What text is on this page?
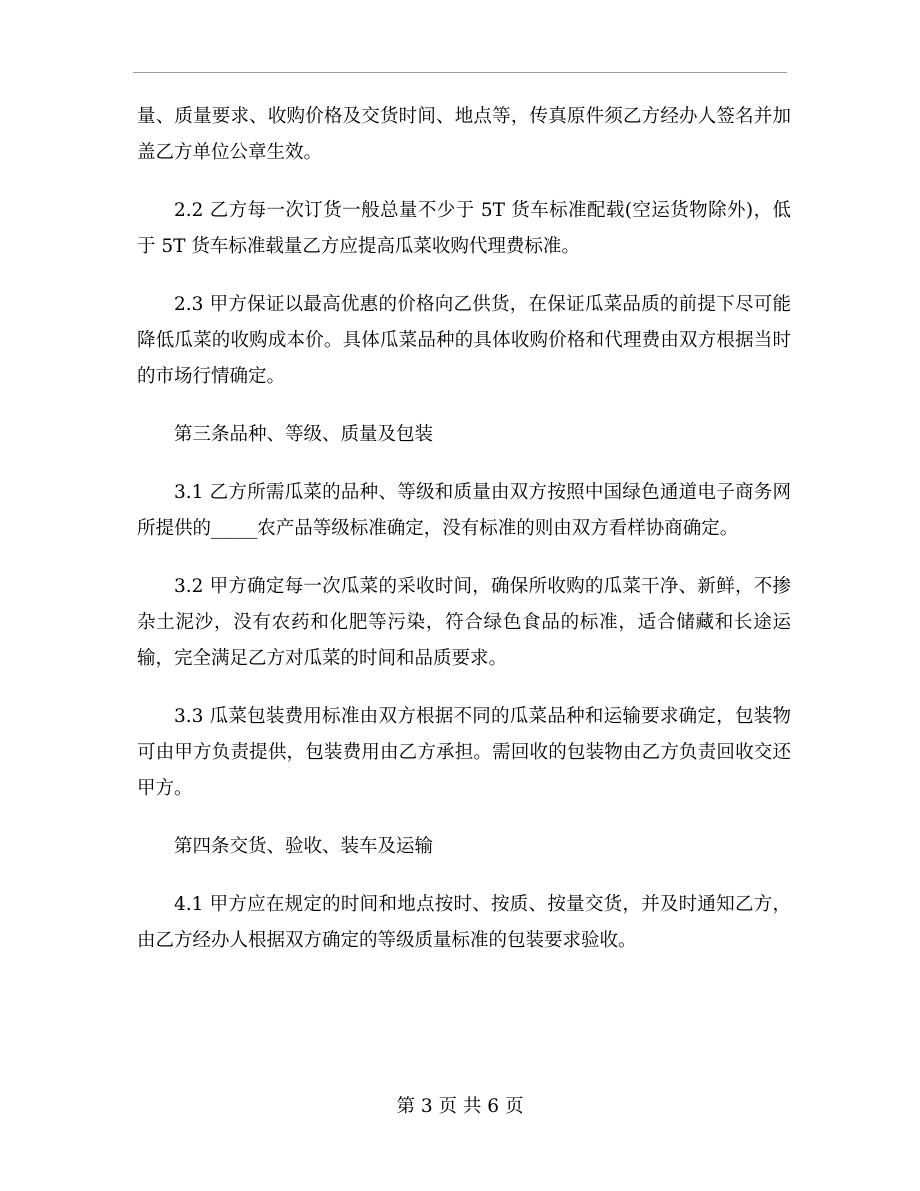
量、质量要求、收购价格及交货时间、地点等，传真原件须乙方经办人签名并加盖乙方单位公章生效。

2.2 乙方每一次订货一般总量不少于 5T 货车标准配载(空运货物除外)，低于 5T 货车标准载量乙方应提高瓜菜收购代理费标准。

2.3 甲方保证以最高优惠的价格向乙供货，在保证瓜菜品质的前提下尽可能降低瓜菜的收购成本价。具体瓜菜品种的具体收购价格和代理费由双方根据当时的市场行情确定。

第三条品种、等级、质量及包装

3.1 乙方所需瓜菜的品种、等级和质量由双方按照中国绿色通道电子商务网所提供的_____农产品等级标准确定，没有标准的则由双方看样协商确定。

3.2 甲方确定每一次瓜菜的采收时间，确保所收购的瓜菜干净、新鲜，不掺杂土泥沙，没有农药和化肥等污染，符合绿色食品的标准，适合储藏和长途运输，完全满足乙方对瓜菜的时间和品质要求。

3.3 瓜菜包装费用标准由双方根据不同的瓜菜品种和运输要求确定，包装物可由甲方负责提供，包装费用由乙方承担。需回收的包装物由乙方负责回收交还甲方。

第四条交货、验收、装车及运输

4.1 甲方应在规定的时间和地点按时、按质、按量交货，并及时通知乙方，由乙方经办人根据双方确定的等级质量标准的包装要求验收。

第 3 页 共 6 页
